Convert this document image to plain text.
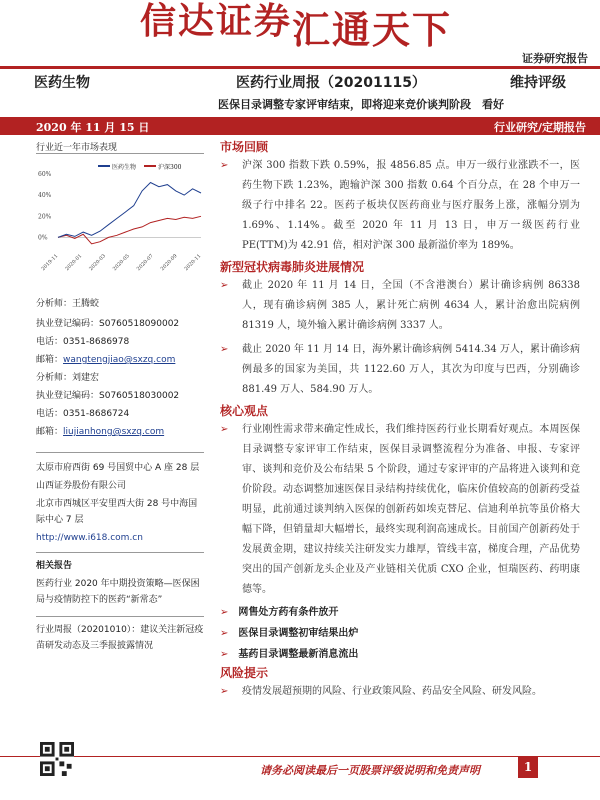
信达证券汇通天下
证券研究报告
医药生物	医药行业周报（20201115）	维持评级
医保目录调整专家评审结束，即将迎来竞价谈判阶段　看好
2020 年 11 月 15 日	行业研究/定期报告
行业近一年市场表现
医药生物	沪深300
60%
40%
20%
0%
2019-11 2020-01 2020-03 2020-05 2020-07 2020-09 2020-11
分析师：王腾蛟
执业登记编码：S0760518090002
电话：0351-8686978
邮箱：wangtengjiao@sxzq.com
分析师：刘建宏
执业登记编码：S0760518030002
电话：0351-8686724
邮箱：liujianhong@sxzq.com
太原市府西街 69 号国贸中心 A 座 28 层
山西证券股份有限公司
北京市西城区平安里西大街 28 号中海国际中心 7 层
http://www.i618.com.cn
相关报告
医药行业 2020 年中期投资策略—医保困局与疫情防控下的医药“新常态”
行业周报（20201010）：建议关注新冠疫苗研发动态及三季报披露情况
市场回顾
➢	沪深 300 指数下跌 0.59%，报 4856.85 点。申万一级行业涨跌不一，医药生物下跌 1.23%，跑输沪深 300 指数 0.64 个百分点，在 28 个申万一级子行中排名 22。医药子板块仅医药商业与医疗服务上涨，涨幅分别为 1.69%、1.14%。截至 2020 年 11 月 13 日，申万一级医药行业 PE(TTM)为 42.91 倍，相对沪深 300 最新溢价率为 189%。
新型冠状病毒肺炎进展情况
➢	截止 2020 年 11 月 14 日，全国（不含港澳台）累计确诊病例 86338 人，现有确诊病例 385 人，累计死亡病例 4634 人，累计治愈出院病例 81319 人，境外输入累计确诊病例 3337 人。
➢	截止 2020 年 11 月 14 日，海外累计确诊病例 5414.34 万人，累计确诊病例最多的国家为美国，共 1122.60 万人，其次为印度与巴西，分别确诊 881.49 万人、584.90 万人。
核心观点
➢	行业刚性需求带来确定性成长，我们维持医药行业长期看好观点。本周医保目录调整专家评审工作结束，医保目录调整流程分为准备、申报、专家评审、谈判和竞价及公布结果 5 个阶段，通过专家评审的产品将进入谈判和竞价阶段。动态调整加速医保目录结构持续优化，临床价值较高的创新药受益明显，此前通过谈判纳入医保的创新药如埃克替尼、信迪利单抗等虽价格大幅下降，但销量却大幅增长，最终实现利润高速成长。目前国产创新药处于发展黄金期，建议持续关注研发实力雄厚，管线丰富，梯度合理，产品优势突出的国产创新龙头企业及产业链相关优质 CXO 企业，恒瑞医药、药明康德等。
➢ 网售处方药有条件放开
➢ 医保目录调整初审结果出炉
➢ 基药目录调整最新消息流出
风险提示
➢	疫情发展超预期的风险、行业政策风险、药品安全风险、研发风险。
请务必阅读最后一页股票评级说明和免责声明	1
